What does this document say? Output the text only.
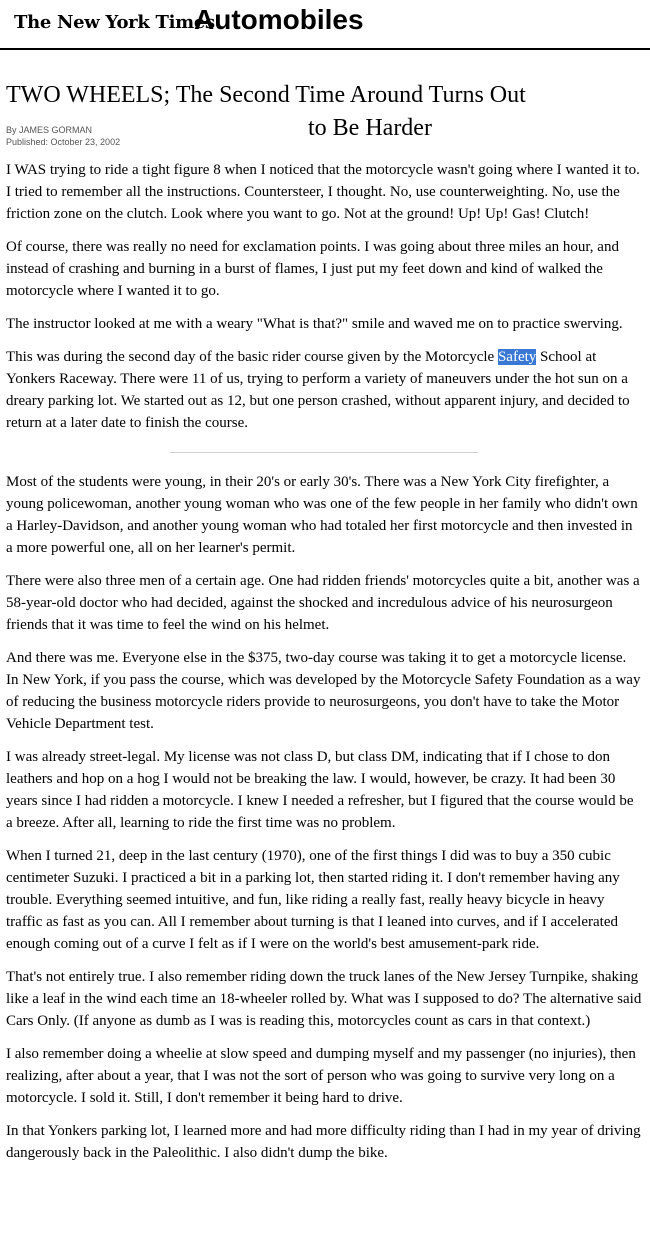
The New York Times
Automobiles
TWO WHEELS; The Second Time Around Turns Out
to Be Harder
By JAMES GORMAN
Published: October 23, 2002

I WAS trying to ride a tight figure 8 when I noticed that the motorcycle wasn't going where I wanted it to. I tried to remember all the instructions. Countersteer, I thought. No, use counterweighting. No, use the friction zone on the clutch. Look where you want to go. Not at the ground! Up! Up! Gas! Clutch!

Of course, there was really no need for exclamation points. I was going about three miles an hour, and instead of crashing and burning in a burst of flames, I just put my feet down and kind of walked the motorcycle where I wanted it to go.

The instructor looked at me with a weary "What is that?" smile and waved me on to practice swerving.

This was during the second day of the basic rider course given by the Motorcycle Safety School at Yonkers Raceway. There were 11 of us, trying to perform a variety of maneuvers under the hot sun on a dreary parking lot. We started out as 12, but one person crashed, without apparent injury, and decided to return at a later date to finish the course.

Most of the students were young, in their 20's or early 30's. There was a New York City firefighter, a young policewoman, another young woman who was one of the few people in her family who didn't own a Harley-Davidson, and another young woman who had totaled her first motorcycle and then invested in a more powerful one, all on her learner's permit.

There were also three men of a certain age. One had ridden friends' motorcycles quite a bit, another was a 58-year-old doctor who had decided, against the shocked and incredulous advice of his neurosurgeon friends that it was time to feel the wind on his helmet.

And there was me. Everyone else in the $375, two-day course was taking it to get a motorcycle license. In New York, if you pass the course, which was developed by the Motorcycle Safety Foundation as a way of reducing the business motorcycle riders provide to neurosurgeons, you don't have to take the Motor Vehicle Department test.

I was already street-legal. My license was not class D, but class DM, indicating that if I chose to don leathers and hop on a hog I would not be breaking the law. I would, however, be crazy. It had been 30 years since I had ridden a motorcycle. I knew I needed a refresher, but I figured that the course would be a breeze. After all, learning to ride the first time was no problem.

When I turned 21, deep in the last century (1970), one of the first things I did was to buy a 350 cubic centimeter Suzuki. I practiced a bit in a parking lot, then started riding it. I don't remember having any trouble. Everything seemed intuitive, and fun, like riding a really fast, really heavy bicycle in heavy traffic as fast as you can. All I remember about turning is that I leaned into curves, and if I accelerated enough coming out of a curve I felt as if I were on the world's best amusement-park ride.

That's not entirely true. I also remember riding down the truck lanes of the New Jersey Turnpike, shaking like a leaf in the wind each time an 18-wheeler rolled by. What was I supposed to do? The alternative said Cars Only. (If anyone as dumb as I was is reading this, motorcycles count as cars in that context.)

I also remember doing a wheelie at slow speed and dumping myself and my passenger (no injuries), then realizing, after about a year, that I was not the sort of person who was going to survive very long on a motorcycle. I sold it. Still, I don't remember it being hard to drive.

In that Yonkers parking lot, I learned more and had more difficulty riding than I had in my year of driving dangerously back in the Paleolithic. I also didn't dump the bike.
